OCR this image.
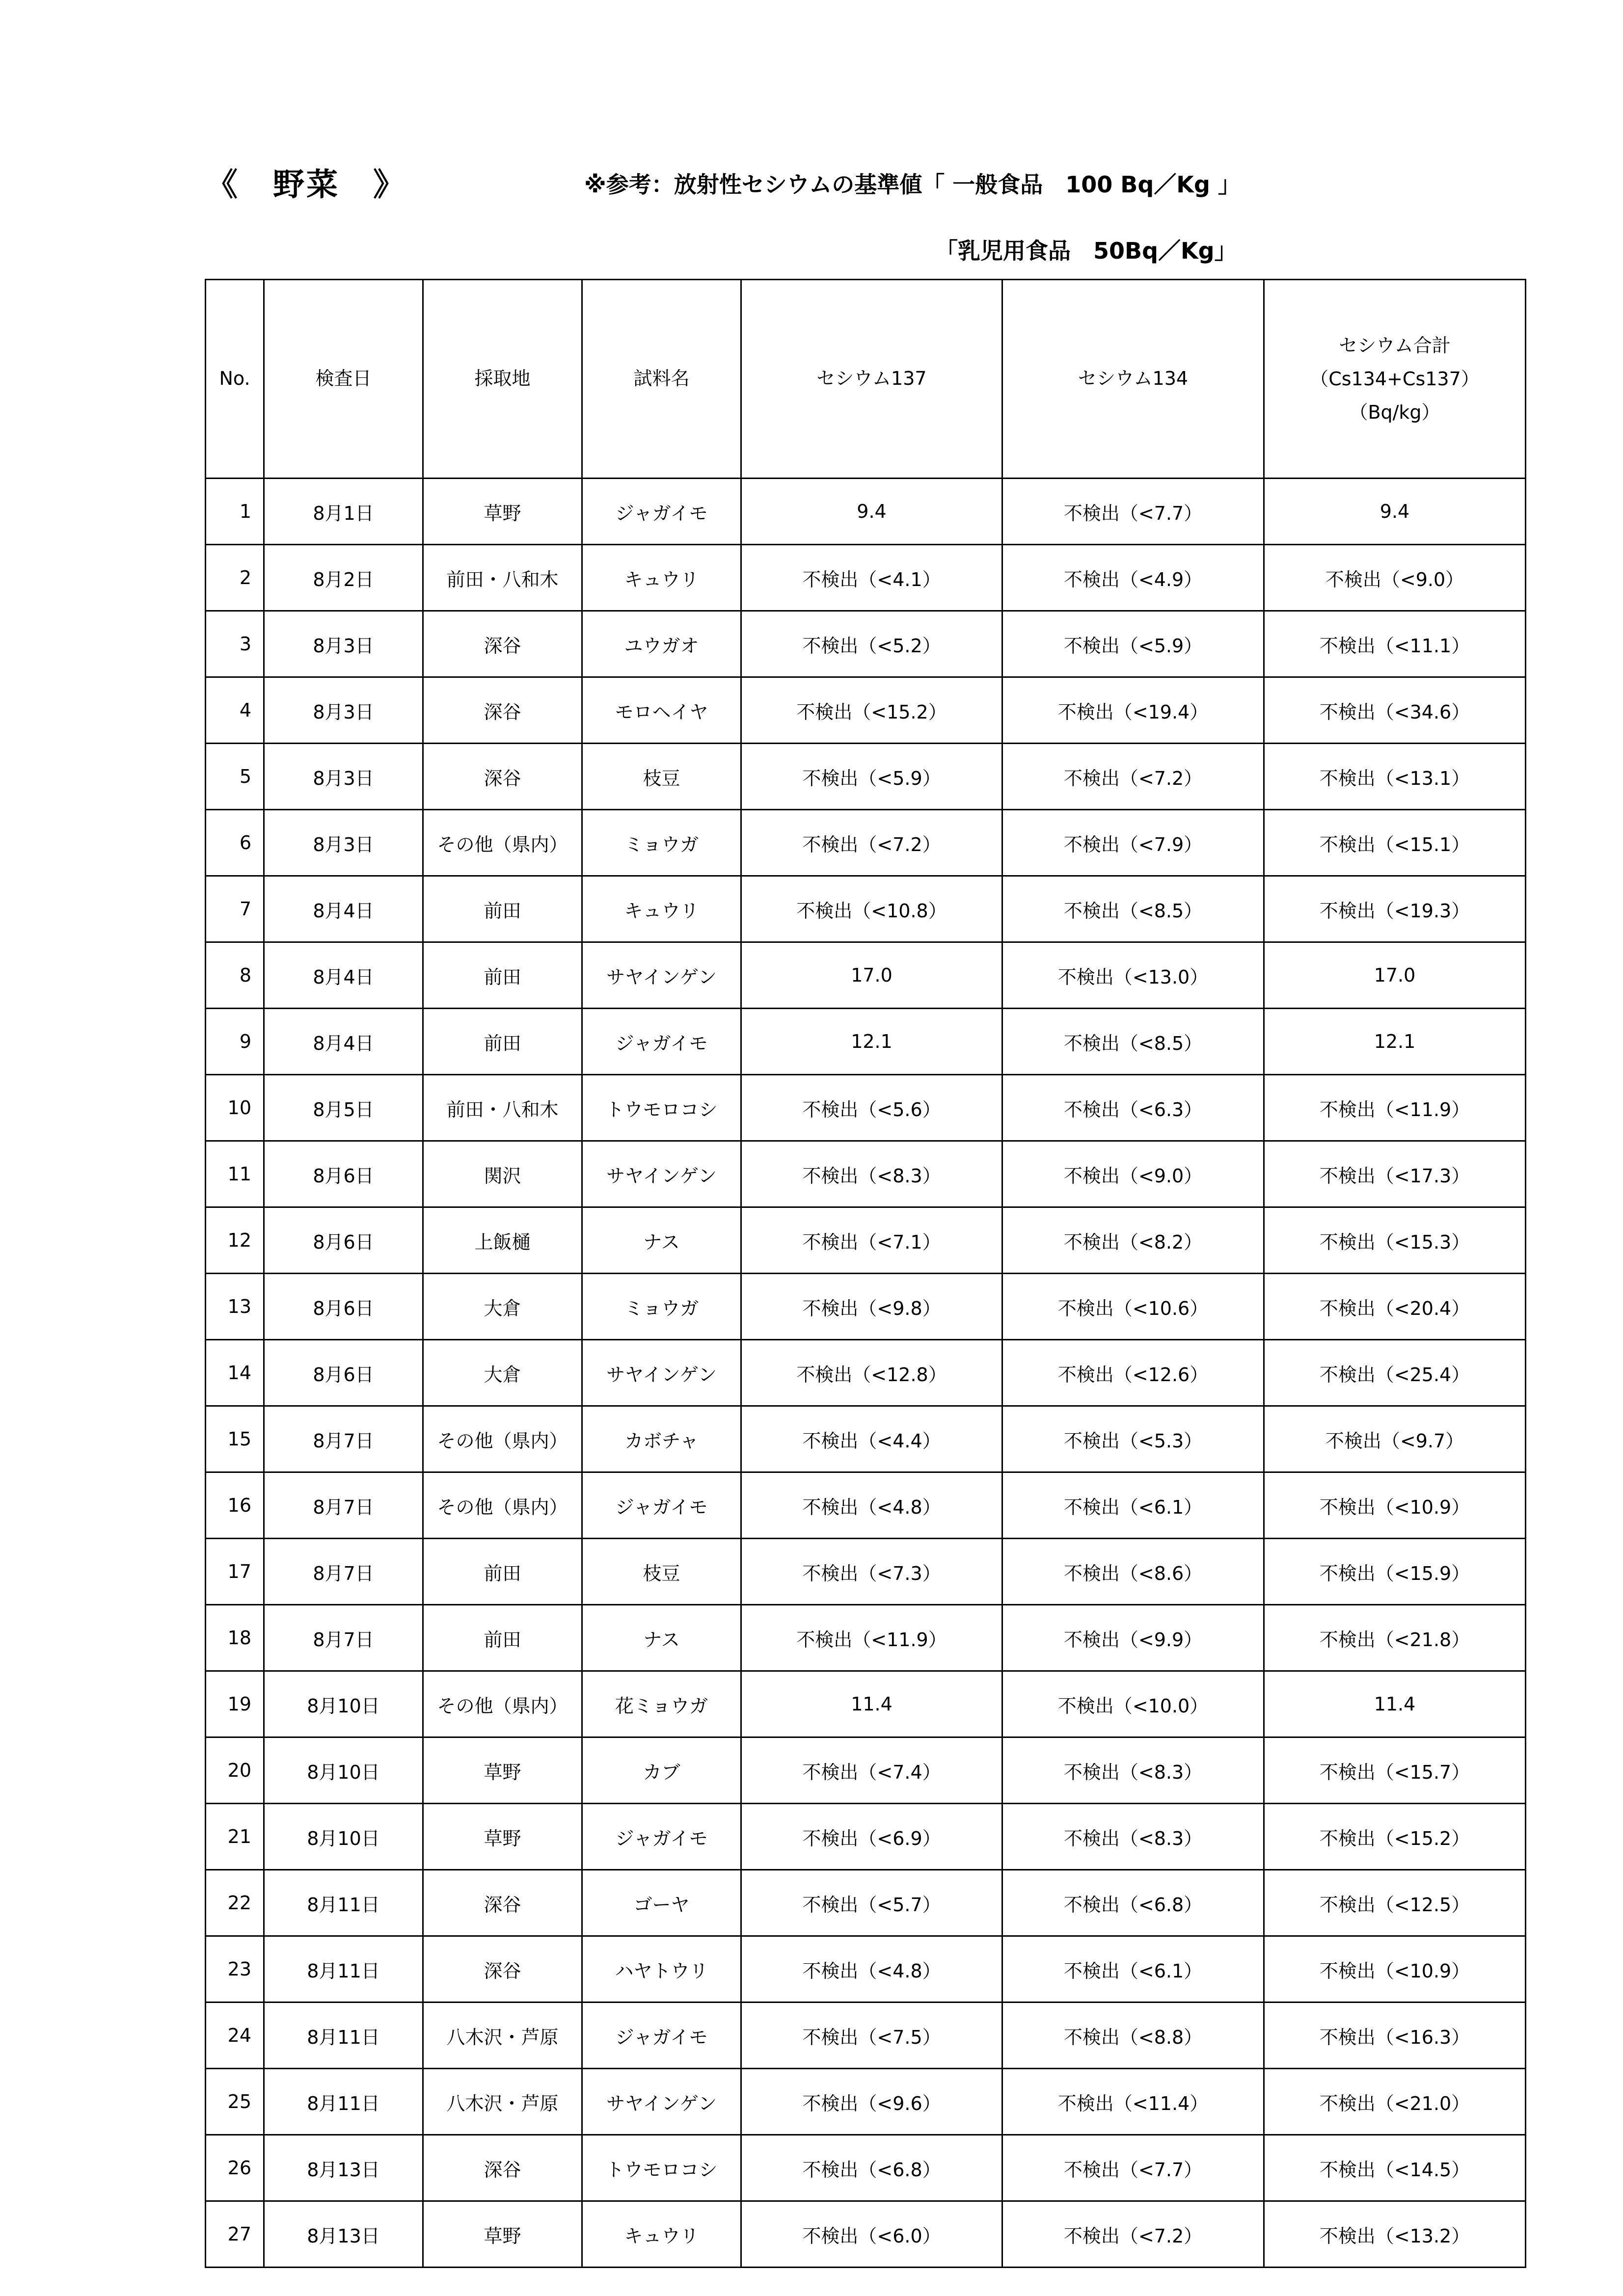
《　野菜　》	※参考：放射性セシウムの基準値「 一般食品　100 Bq／Kg 」
「乳児用食品　50Bq／Kg」
No.	検査日	採取地	試料名	セシウム137	セシウム134	セシウム合計
（Cs134+Cs137）
（Bq/kg）

1	8月1日	草野	ジャガイモ	9.4	不検出（<7.7）	9.4
2	8月2日	前田・八和木	キュウリ	不検出（<4.1）	不検出（<4.9）	不検出（<9.0）
3	8月3日	深谷	ユウガオ	不検出（<5.2）	不検出（<5.9）	不検出（<11.1）
4	8月3日	深谷	モロヘイヤ	不検出（<15.2）	不検出（<19.4）	不検出（<34.6）
5	8月3日	深谷	枝豆	不検出（<5.9）	不検出（<7.2）	不検出（<13.1）
6	8月3日	その他（県内）	ミョウガ	不検出（<7.2）	不検出（<7.9）	不検出（<15.1）
7	8月4日	前田	キュウリ	不検出（<10.8）	不検出（<8.5）	不検出（<19.3）
8	8月4日	前田	サヤインゲン	17.0	不検出（<13.0）	17.0
9	8月4日	前田	ジャガイモ	12.1	不検出（<8.5）	12.1
10	8月5日	前田・八和木	トウモロコシ	不検出（<5.6）	不検出（<6.3）	不検出（<11.9）
11	8月6日	関沢	サヤインゲン	不検出（<8.3）	不検出（<9.0）	不検出（<17.3）
12	8月6日	上飯樋	ナス	不検出（<7.1）	不検出（<8.2）	不検出（<15.3）
13	8月6日	大倉	ミョウガ	不検出（<9.8）	不検出（<10.6）	不検出（<20.4）
14	8月6日	大倉	サヤインゲン	不検出（<12.8）	不検出（<12.6）	不検出（<25.4）
15	8月7日	その他（県内）	カボチャ	不検出（<4.4）	不検出（<5.3）	不検出（<9.7）
16	8月7日	その他（県内）	ジャガイモ	不検出（<4.8）	不検出（<6.1）	不検出（<10.9）
17	8月7日	前田	枝豆	不検出（<7.3）	不検出（<8.6）	不検出（<15.9）
18	8月7日	前田	ナス	不検出（<11.9）	不検出（<9.9）	不検出（<21.8）
19	8月10日	その他（県内）	花ミョウガ	11.4	不検出（<10.0）	11.4
20	8月10日	草野	カブ	不検出（<7.4）	不検出（<8.3）	不検出（<15.7）
21	8月10日	草野	ジャガイモ	不検出（<6.9）	不検出（<8.3）	不検出（<15.2）
22	8月11日	深谷	ゴーヤ	不検出（<5.7）	不検出（<6.8）	不検出（<12.5）
23	8月11日	深谷	ハヤトウリ	不検出（<4.8）	不検出（<6.1）	不検出（<10.9）
24	8月11日	八木沢・芦原	ジャガイモ	不検出（<7.5）	不検出（<8.8）	不検出（<16.3）
25	8月11日	八木沢・芦原	サヤインゲン	不検出（<9.6）	不検出（<11.4）	不検出（<21.0）
26	8月13日	深谷	トウモロコシ	不検出（<6.8）	不検出（<7.7）	不検出（<14.5）
27	8月13日	草野	キュウリ	不検出（<6.0）	不検出（<7.2）	不検出（<13.2）
